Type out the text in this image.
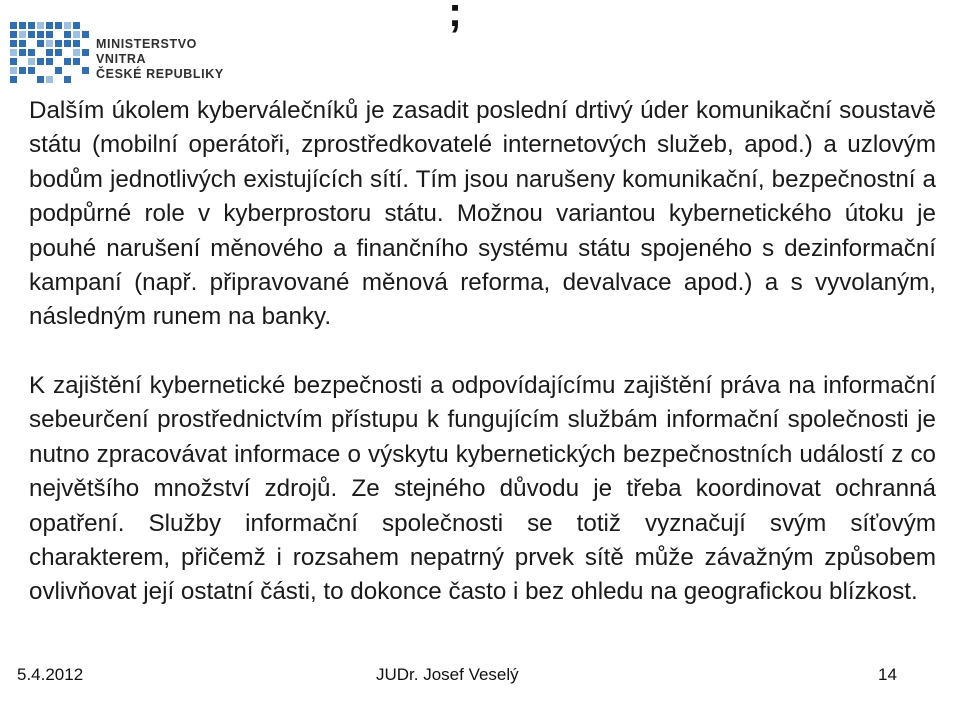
MINISTERSTVO VNITRA
ČESKÉ REPUBLIKY
;

Dalším úkolem kyberválečníků je zasadit poslední drtivý úder komunikační soustavě státu (mobilní operátoři, zprostředkovatelé internetových služeb, apod.) a uzlovým bodům jednotlivých existujících sítí. Tím jsou narušeny komunikační, bezpečnostní a podpůrné role v kyberprostoru státu. Možnou variantou kybernetického útoku je pouhé narušení měnového a finančního systému státu spojeného s dezinformační kampaní (např. připravované měnová reforma, devalvace apod.) a s vyvolaným, následným runem na banky.

K zajištění kybernetické bezpečnosti a odpovídajícímu zajištění práva na informační sebeurčení prostřednictvím přístupu k fungujícím službám informační společnosti je nutno zpracovávat informace o výskytu kybernetických bezpečnostních událostí z co největšího množství zdrojů. Ze stejného důvodu je třeba koordinovat ochranná opatření. Služby informační společnosti se totiž vyznačují svým síťovým charakterem, přičemž i rozsahem nepatrný prvek sítě může závažným způsobem ovlivňovat její ostatní části, to dokonce často i bez ohledu na geografickou blízkost.

5.4.2012	JUDr. Josef Veselý	14
